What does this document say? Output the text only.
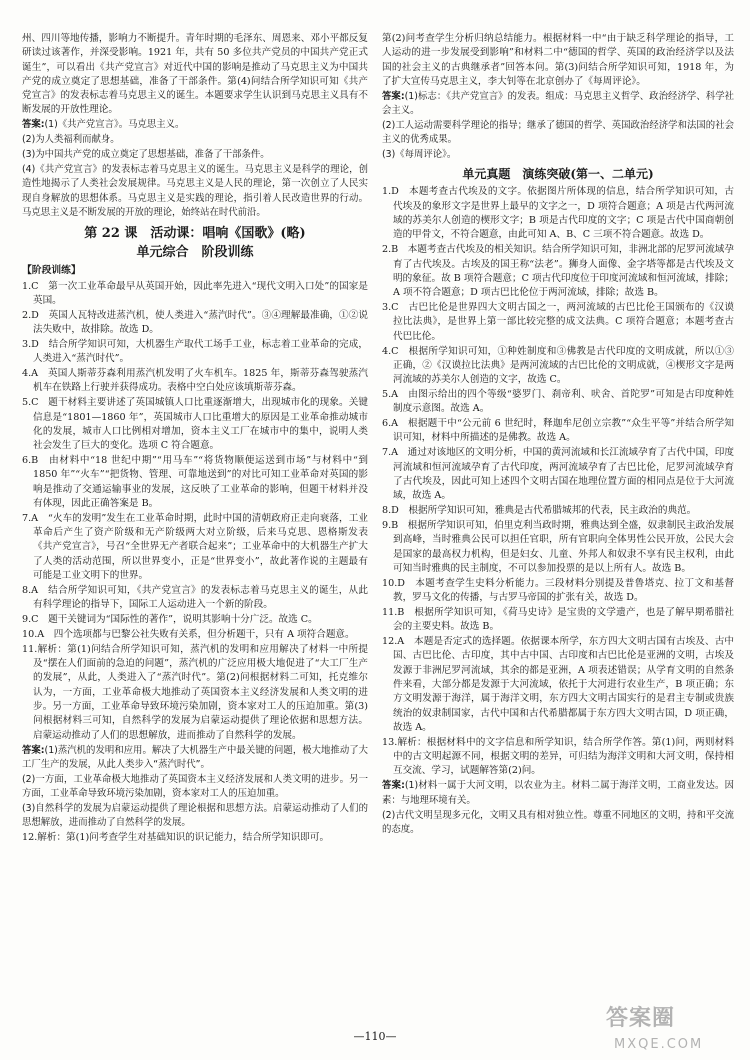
州、四川等地传播，影响力不断提升。青年时期的毛泽东、周恩来、邓小平都反复研读过该著作，并深受影响。1921 年，共有 50 多位共产党员的中国共产党正式诞生”，可以看出《共产党宣言》对近代中国的影响是推动了马克思主义为中国共产党的成立奠定了思想基础，准备了干部条件。第(4)问结合所学知识可知《共产党宣言》的发表标志着马克思主义的诞生。本题要求学生认识到马克思主义具有不断发展的开放性理论。

答案:(1)《共产党宣言》。马克思主义。

(2)为人类福利而献身。

(3)为中国共产党的成立奠定了思想基础，准备了干部条件。

(4)《共产党宣言》的发表标志着马克思主义的诞生。马克思主义是科学的理论，创造性地揭示了人类社会发展规律。马克思主义是人民的理论，第一次创立了人民实现自身解放的思想体系。马克思主义是实践的理论，指引着人民改造世界的行动。马克思主义是不断发展的开放的理论，始终站在时代前沿。

第 22 课　活动课：唱响《国歌》(略)
单元综合　阶段训练
【阶段训练】

1.C　第一次工业革命最早从英国开始，因此率先进入“现代文明入口处”的国家是英国。

2.D　英国人瓦特改进蒸汽机，使人类进入“蒸汽时代”。③④理解最准确，①②说法失败中，故排除。故选 D。

3.D　结合所学知识可知，大机器生产取代工场手工业，标志着工业革命的完成，人类进入“蒸汽时代”。

4.A　英国人斯蒂芬森利用蒸汽机发明了火车机车。1825 年，斯蒂芬森驾驶蒸汽机车在铁路上行驶并获得成功。表格中空白处应该填斯蒂芬森。

5.C　题干材料主要讲述了英国城镇人口比重逐渐增大，出现城市化的现象。关键信息是“1801—1860 年”，英国城市人口比重增大的原因是工业革命推动城市化的发展，城市人口比例相对增加，资本主义工厂在城市中的集中，说明人类社会发生了巨大的变化。选项 C 符合题意。

6.B　由材料中“18 世纪中期”“用马车”“将货物顺便运送到市场”与材料中“到 1850 年”“火车”“把货物、管理、可靠地送到”的对比可知工业革命对英国的影响是推动了交通运输事业的发展，这反映了工业革命的影响，但题干材料并没有体现，因此正确答案是 B。

7.A　“火车的发明”发生在工业革命时期，此时中国的清朝政府正走向衰落，工业革命后产生了资产阶级和无产阶级两大对立阶级，后来马克思、恩格斯发表《共产党宣言》，号召“全世界无产者联合起来”；工业革命中的大机器生产扩大了人类的活动范围，所以世界变小，正是“世界变小”，故此著作说的主题最有可能是工业文明下的世界。

8.A　结合所学知识可知，《共产党宣言》的发表标志着马克思主义的诞生，从此有科学理论的指导下，国际工人运动进入一个新的阶段。

9.C　题干关键词为“国际性的著作”，说明其影响十分广泛。故选 C。

10.A　四个选项都与巴黎公社失败有关系，但分析题干，只有 A 项符合题意。

11.解析：第(1)问结合所学知识可知，蒸汽机的发明和应用解决了材料一中所提及“摆在人们面前的急迫的问题”，蒸汽机的广泛应用极大地促进了“大工厂生产的发展”，从此，人类进入了“蒸汽时代”。第(2)问根据材料二可知，托克维尔认为，一方面，工业革命极大地推动了英国资本主义经济发展和人类文明的进步。另一方面，工业革命导致环境污染加剧，资本家对工人的压迫加重。第(3)问根据材料三可知，自然科学的发展为启蒙运动提供了理论依据和思想方法。启蒙运动推动了人们的思想解放，进而推动了自然科学的发展。

答案:(1)蒸汽机的发明和应用。解决了大机器生产中最关键的问题，极大地推动了大工厂生产的发展，从此人类步入“蒸汽时代”。

(2)一方面，工业革命极大地推动了英国资本主义经济发展和人类文明的进步。另一方面，工业革命导致环境污染加剧，资本家对工人的压迫加重。

(3)自然科学的发展为启蒙运动提供了理论根据和思想方法。启蒙运动推动了人们的思想解放，进而推动了自然科学的发展。

12.解析：第(1)问考查学生对基础知识的识记能力，结合所学知识即可。

第(2)问考查学生分析归纳总结能力。根据材料一中“由于缺乏科学理论的指导，工人运动的进一步发展受到影响”和材料二中“德国的哲学、英国的政治经济学以及法国的社会主义的古典继承者”回答本问。第(3)问结合所学知识可知，1918 年，为了扩大宣传马克思主义，李大钊等在北京创办了《每周评论》。

答案:(1)标志：《共产党宣言》的发表。组成：马克思主义哲学、政治经济学、科学社会主义。

(2)工人运动需要科学理论的指导；继承了德国的哲学、英国政治经济学和法国的社会主义的优秀成果。

(3)《每周评论》。

单元真题　演练突破(第一、二单元)

1.D　本题考查古代埃及的文字。依据图片所体现的信息，结合所学知识可知，古代埃及的象形文字是世界上最早的文字之一，D 项符合题意；A 项是古代两河流域的苏美尔人创造的楔形文字；B 项是古代印度的文字；C 项是古代中国商朝创造的甲骨文，不符合题意，由此可知 A、B、C 三项不符合题意。故选 D。

2.B　本题考查古代埃及的相关知识。结合所学知识可知，非洲北部的尼罗河流域孕育了古代埃及。古埃及的国王称“法老”。狮身人面像、金字塔等都是古代埃及文明的象征。故 B 项符合题意；C 项古代印度位于印度河流域和恒河流域，排除；A 项不符合题意；D 项古巴比伦位于两河流域，排除；故选 B。

3.C　古巴比伦是世界四大文明古国之一，两河流域的古巴比伦王国颁布的《汉谟拉比法典》，是世界上第一部比较完整的成文法典。C 项符合题意；本题考查古代巴比伦。

4.C　根据所学知识可知，①种姓制度和③佛教是古代印度的文明成就，所以①③正确，②《汉谟拉比法典》是两河流域的古巴比伦的文明成就，④楔形文字是两河流域的苏美尔人创造的文字，故选 C。

5.A　由图示给出的四个等级“婆罗门、刹帝利、吠舍、首陀罗”可知是古印度种姓制度示意图。故选 A。

6.A　根据题干中“公元前 6 世纪时，释迦牟尼创立宗教”“众生平等”并结合所学知识可知，材料中所描述的是佛教。故选 A。

7.A　通过对该地区的文明分析，中国的黄河流域和长江流域孕育了古代中国，印度河流域和恒河流域孕育了古代印度，两河流域孕育了古巴比伦，尼罗河流域孕育了古代埃及，因此可知上述四个文明古国在地理位置方面的相同点是位于大河流域，故选 A。

8.D　根据所学知识可知，雅典是古代希腊城邦的代表，民主政治的典范。

9.B　根据所学知识可知，伯里克利当政时期，雅典达到全盛，奴隶制民主政治发展到高峰，当时雅典公民可以担任官职，所有官职向全体男性公民开放，公民大会是国家的最高权力机构，但是妇女、儿童、外邦人和奴隶不享有民主权利，由此可知当时雅典的民主制度，不可以参加投票的是以上所有人。故选 B。

10.D　本题考查学生史料分析能力。三段材料分别提及普鲁塔克、拉丁文和基督教，罗马文化的传播，与古罗马帝国的扩张有关，故选 D。

11.B　根据所学知识可知，《荷马史诗》是宝贵的文学遗产，也是了解早期希腊社会的主要史料。故选 B。

12.A　本题是否定式的选择题。依据课本所学，东方四大文明古国有古埃及、古中国、古巴比伦、古印度，其中古中国、古印度和古巴比伦是亚洲的文明，古埃及发源于非洲尼罗河流域，其余的都是亚洲，A 项表述错误；从学育文明的自然条件来看，大部分都是发源于大河流域，依托于大河进行农业生产，B 项正确；东方文明发源于海洋，属于海洋文明，东方四大文明古国实行的是君主专制或贵族统治的奴隶制国家，古代中国和古代希腊都属于东方四大文明古国，D 项正确，故选 A。

13.解析：根据材料中的文字信息和所学知识，结合所学作答。第(1)问，两则材料中的古文明起源不同，根据文明的差异，可归结为海洋文明和大河文明，保持相互交流、学习，试题解答第(2)问。

答案:(1)材料一属于大河文明，以农业为主。材料二属于海洋文明，工商业发达。因素：与地理环境有关。

(2)古代文明呈现多元化，文明又具有相对独立性。尊重不同地区的文明，持和平交流的态度。

—110—
答案圈
MXQE.COM
